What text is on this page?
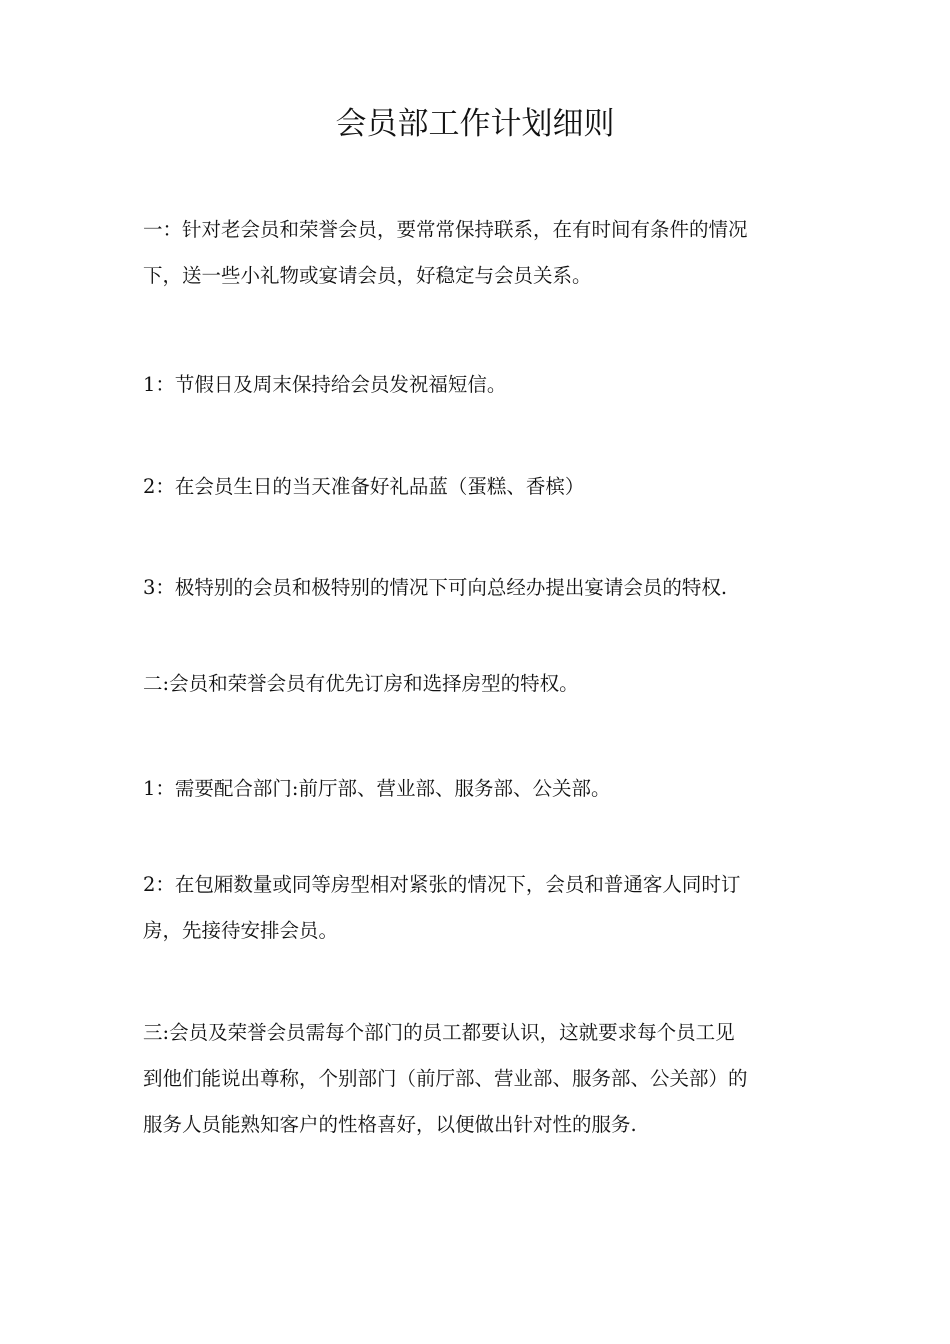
会员部工作计划细则
一：针对老会员和荣誉会员，要常常保持联系，在有时间有条件的情况
下，送一些小礼物或宴请会员，好稳定与会员关系。
1：节假日及周末保持给会员发祝福短信。
2：在会员生日的当天准备好礼品蓝（蛋糕、香槟）
3：极特别的会员和极特别的情况下可向总经办提出宴请会员的特权.
二:会员和荣誉会员有优先订房和选择房型的特权。
1：需要配合部门:前厅部、营业部、服务部、公关部。
2：在包厢数量或同等房型相对紧张的情况下，会员和普通客人同时订
房，先接待安排会员。
三:会员及荣誉会员需每个部门的员工都要认识，这就要求每个员工见
到他们能说出尊称，个别部门（前厅部、营业部、服务部、公关部）的
服务人员能熟知客户的性格喜好，以便做出针对性的服务.
